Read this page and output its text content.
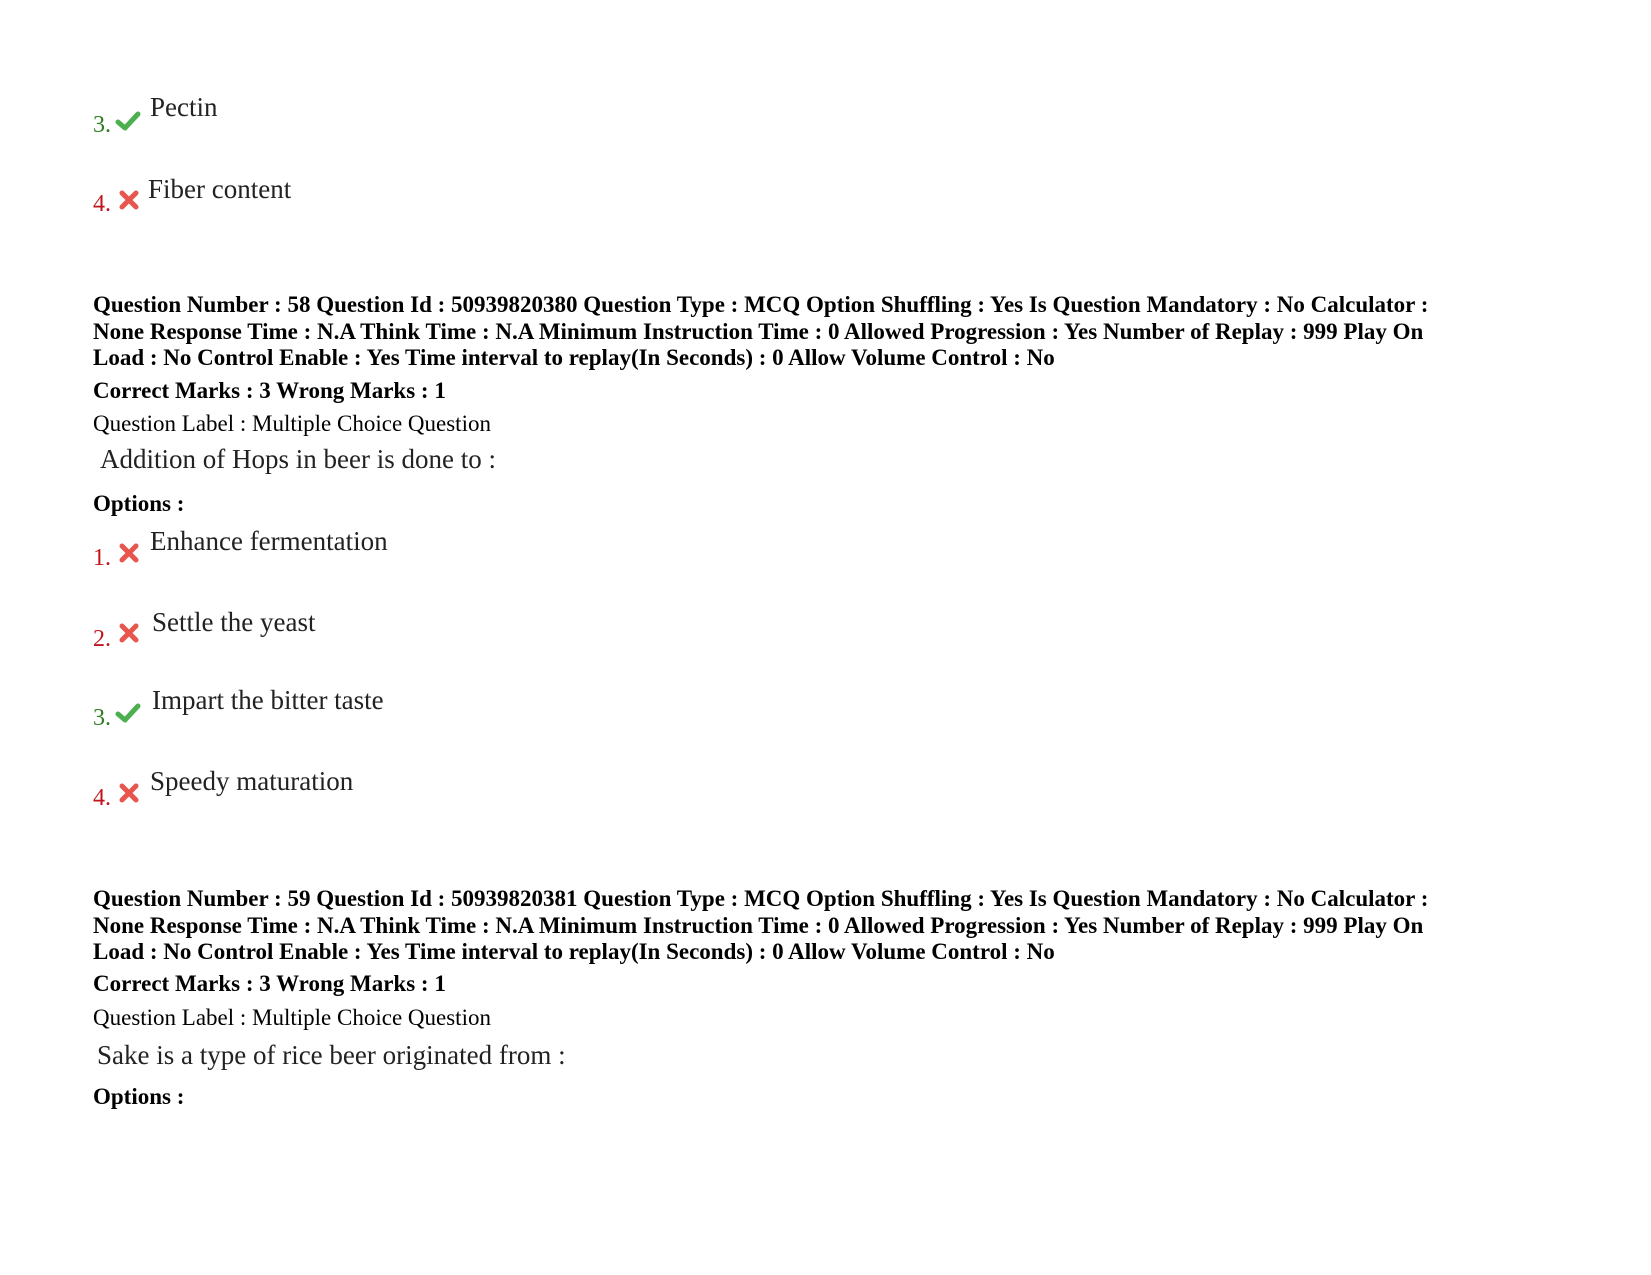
3.
Pectin
4. Fiber content
Question Number : 58 Question Id : 50939820380 Question Type : MCQ Option Shuffling : Yes Is Question Mandatory : No Calculator :
None Response Time : N.A Think Time : N.A Minimum Instruction Time : 0 Allowed Progression : Yes Number of Replay : 999 Play On
Load : No Control Enable : Yes Time interval to replay(In Seconds) : 0 Allow Volume Control : No
Correct Marks : 3 Wrong Marks : 1
Question Label : Multiple Choice Question
Addition of Hops in beer is done to :
Options :
1.
Enhance fermentation
2.
Settle the yeast
3.
Impart the bitter taste
4.
Speedy maturation
Question Number : 59 Question Id : 50939820381 Question Type : MCQ Option Shuffling : Yes Is Question Mandatory : No Calculator :
None Response Time : N.A Think Time : N.A Minimum Instruction Time : 0 Allowed Progression : Yes Number of Replay : 999 Play On
Load : No Control Enable : Yes Time interval to replay(In Seconds) : 0 Allow Volume Control : No
Correct Marks : 3 Wrong Marks : 1
Question Label : Multiple Choice Question
Sake is a type of rice beer originated from :
Options :
